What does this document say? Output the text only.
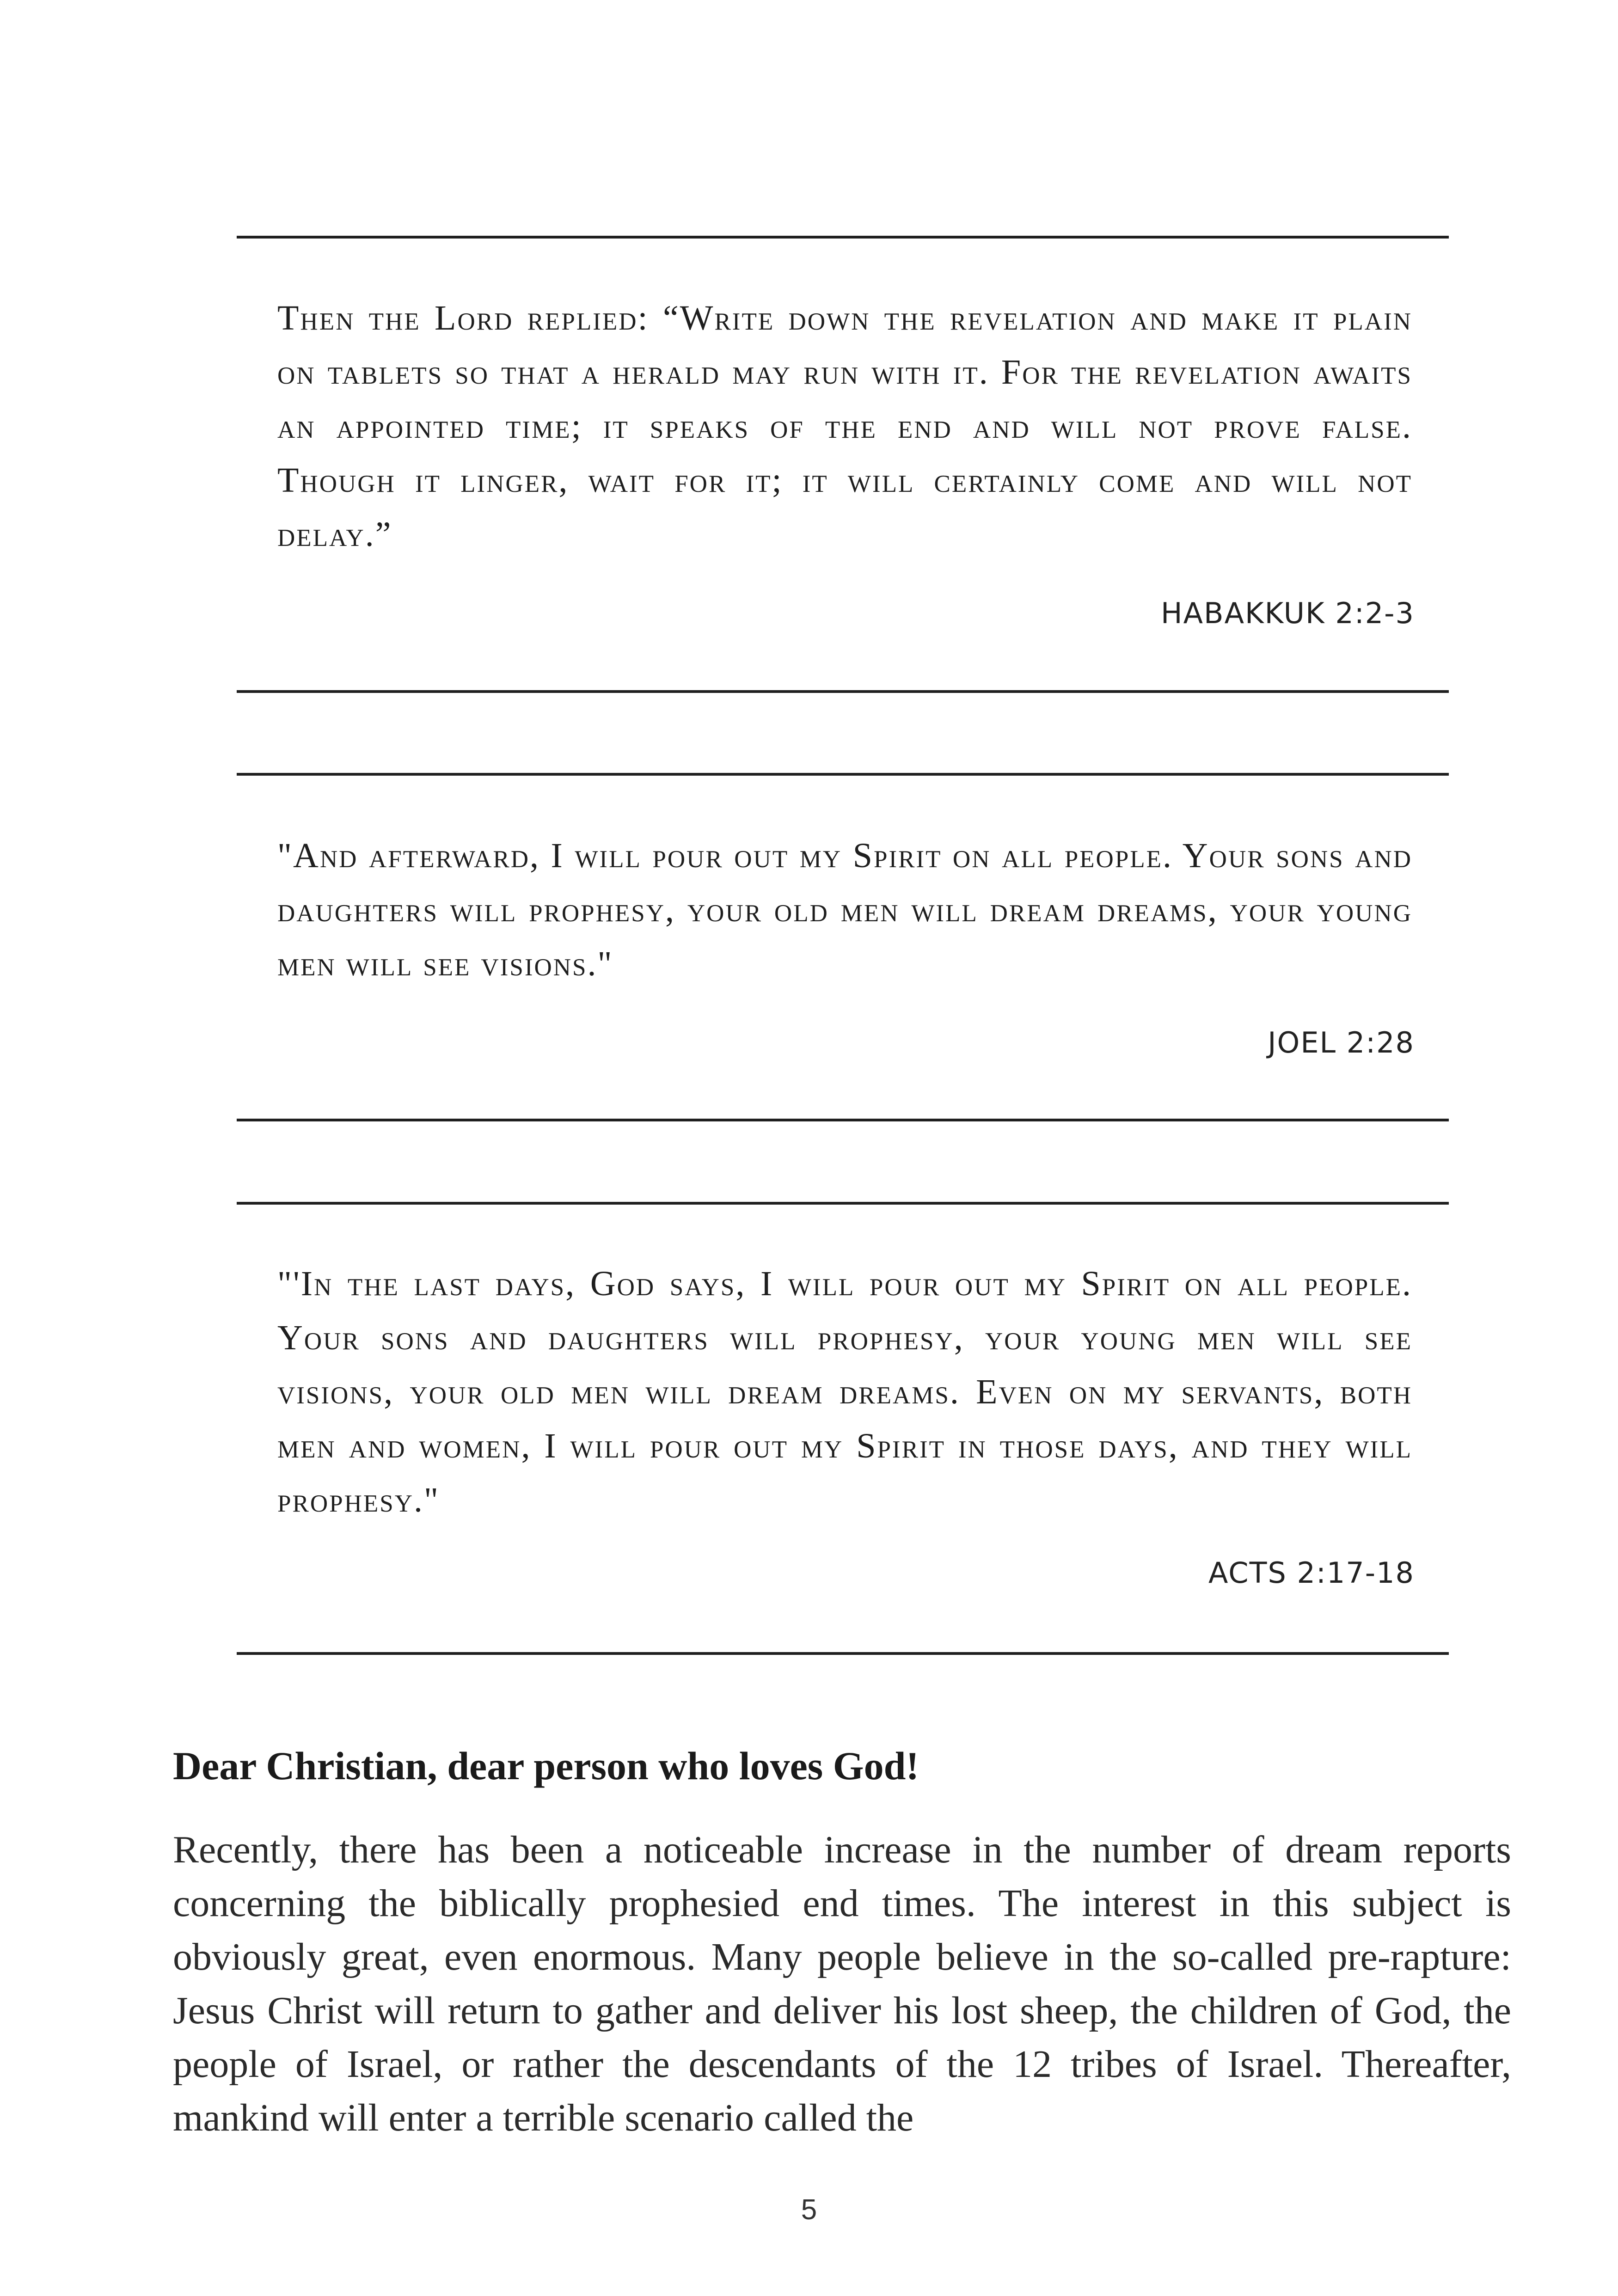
Then the Lord replied: “Write down the revelation and make it plain on tablets so that a herald may run with it. For the revelation awaits an appointed time; it speaks of the end and will not prove false. Though it linger, wait for it; it will certainly come and will not delay.”

HABAKKUK 2:2-3

"And afterward, I will pour out my Spirit on all people. Your sons and daughters will prophesy, your old men will dream dreams, your young men will see visions."

JOEL 2:28

"'In the last days, God says, I will pour out my Spirit on all people. Your sons and daughters will prophesy, your young men will see visions, your old men will dream dreams. Even on my servants, both men and women, I will pour out my Spirit in those days, and they will prophesy."

ACTS 2:17-18

Dear Christian, dear person who loves God!

Recently, there has been a noticeable increase in the number of dream reports concerning the biblically prophesied end times. The interest in this subject is obviously great, even enormous. Many people believe in the so-called pre-rapture: Jesus Christ will return to gather and deliver his lost sheep, the children of God, the people of Israel, or rather the descendants of the 12 tribes of Israel. Thereafter, mankind will enter a terrible scenario called the

5
